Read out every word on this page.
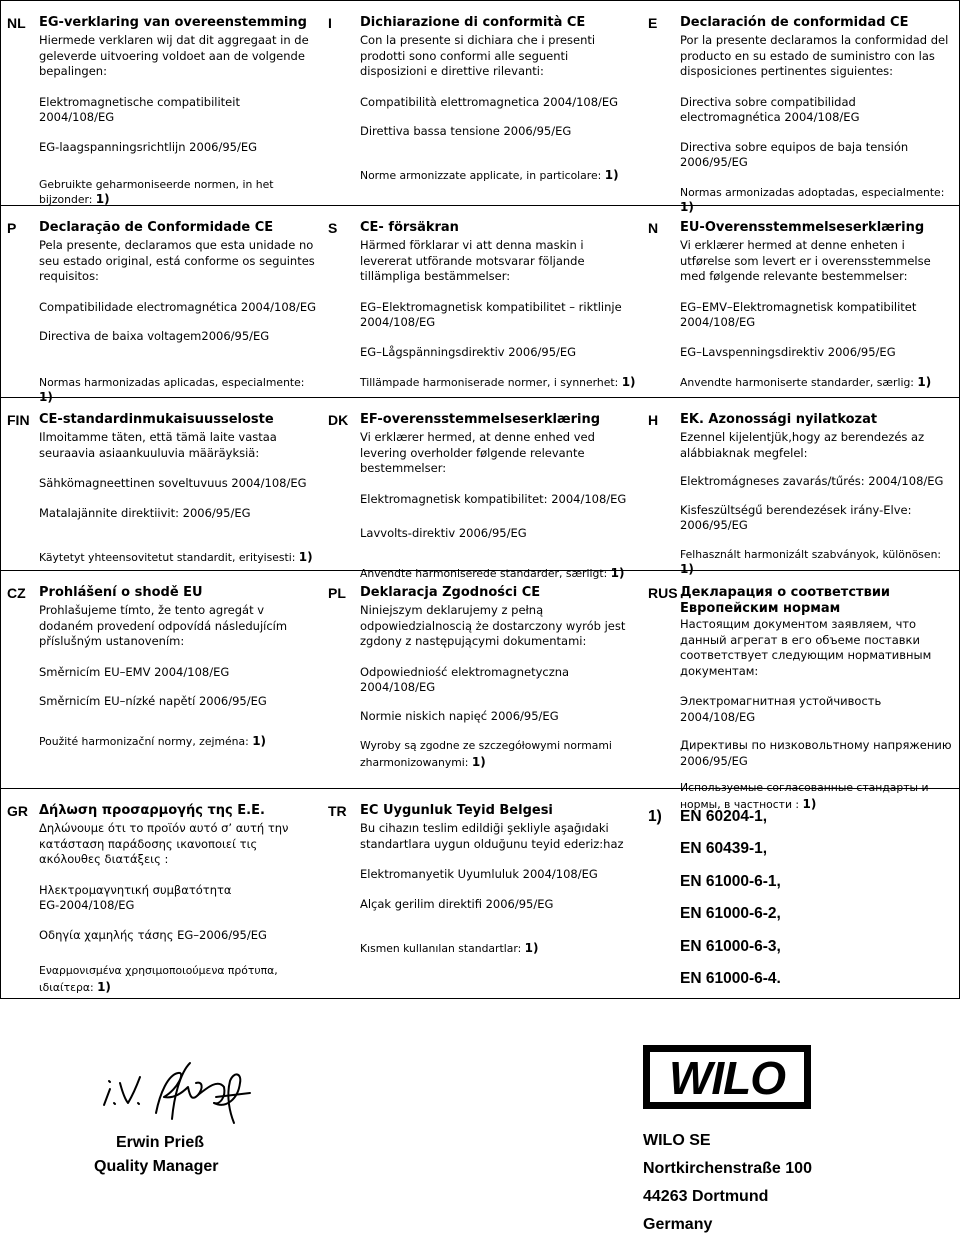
NL EG-verklaring van overeenstemming
Hiermede verklaren wij dat dit aggregaat in de geleverde uitvoering voldoet aan de volgende bepalingen:
Elektromagnetische compatibiliteit 2004/108/EG
EG-laagspanningsrichtlijn 2006/95/EG
Gebruikte geharmoniseerde normen, in het bijzonder: 1)
I Dichiarazione di conformità CE
Con la presente si dichiara che i presenti prodotti sono conformi alle seguenti disposizioni e direttive rilevanti:
Compatibilità elettromagnetica 2004/108/EG
Direttiva bassa tensione 2006/95/EG
Norme armonizzate applicate, in particolare: 1)
E Declaración de conformidad CE
Por la presente declaramos la conformidad del producto en su estado de suministro con las disposiciones pertinentes siguientes:
Directiva sobre compatibilidad electromagnética 2004/108/EG
Directiva sobre equipos de baja tensión 2006/95/EG
Normas armonizadas adoptadas, especialmente: 1)
P Declaração de Conformidade CE
Pela presente, declaramos que esta unidade no seu estado original, está conforme os seguintes requisitos:
Compatibilidade electromagnética 2004/108/EG
Directiva de baixa voltagem2006/95/EG
Normas harmonizadas aplicadas, especialmente: 1)
S CE- försäkran
Härmed förklarar vi att denna maskin i levererat utförande motsvarar följande tillämpliga bestämmelser:
EG–Elektromagnetisk kompatibilitet – riktlinje 2004/108/EG
EG–Lågspänningsdirektiv 2006/95/EG
Tillämpade harmoniserade normer, i synnerhet: 1)
N EU-Overensstemmelseserklæring
Vi erklærer hermed at denne enheten i utførelse som levert er i overensstemmelse med følgende relevante bestemmelser:
EG–EMV–Elektromagnetisk kompatibilitet 2004/108/EG
EG–Lavspenningsdirektiv 2006/95/EG
Anvendte harmoniserte standarder, særlig: 1)
FIN CE-standardinmukaisuusseloste
Ilmoitamme täten, että tämä laite vastaa seuraavia asiaankuuluvia määräyksiä:
Sähkömagneettinen soveltuvuus 2004/108/EG
Matalajännite direktiivit: 2006/95/EG
Käytetyt yhteensovitetut standardit, erityisesti: 1)
DK EF-overensstemmelseserklæring
Vi erklærer hermed, at denne enhed ved levering overholder følgende relevante bestemmelser:
Elektromagnetisk kompatibilitet: 2004/108/EG
Lavvolts-direktiv 2006/95/EG
Anvendte harmoniserede standarder, særligt: 1)
H EK. Azonossági nyilatkozat
Ezennel kijelentjük,hogy az berendezés az alábbiaknak megfelel:
Elektromágneses zavarás/tűrés: 2004/108/EG
Kisfeszültségű berendezések irány-Elve: 2006/95/EG
Felhasznált harmonizált szabványok, különösen: 1)
CZ Prohlášení o shodě EU
Prohlašujeme tímto, že tento agregát v dodaném provedení odpovídá následujícím příslušným ustanovením:
Směrnicím EU–EMV 2004/108/EG
Směrnicím EU–nízké napětí 2006/95/EG
Použité harmonizační normy, zejména: 1)
PL Deklaracja Zgodności CE
Niniejszym deklarujemy z pełną odpowiedzialnoscią że dostarczony wyrób jest zgdony z następującymi dokumentami:
Odpowiedniość elektromagnetyczna 2004/108/EG
Normie niskich napięć 2006/95/EG
Wyroby są zgodne ze szczegółowymi normami zharmonizowanymi: 1)
RUS Декларация о соответствии Европейским нормам
Настоящим документом заявляем, что данный агрегат в его объеме поставки соответствует следующим нормативным документам:
Электромагнитная устойчивость 2004/108/EG
Директивы по низковольтному напряжению 2006/95/EG
Используемые согласованные стандарты и нормы, в частности : 1)
GR Δήλωση προσαρμογής της Ε.Ε.
Δηλώνουμε ότι το προϊόν αυτό σ’ αυτή την κατάσταση παράδοσης ικανοποιεί τις ακόλουθες διατάξεις :
Ηλεκτρομαγνητική συμβατότητα EG-2004/108/EG
Οδηγία χαμηλής τάσης EG–2006/95/EG
Εναρμονισμένα χρησιμοποιούμενα πρότυπα, ιδιαίτερα: 1)
TR EC Uygunluk Teyid Belgesi
Bu cihazın teslim edildiği şekliyle aşağıdaki standartlara uygun olduğunu teyid ederiz:haz
Elektromanyetik Uyumluluk 2004/108/EG
Alçak gerilim direktifi 2006/95/EG
Kısmen kullanılan standartlar: 1)
1) EN 60204-1,
EN 60439-1,
EN 61000-6-1,
EN 61000-6-2,
EN 61000-6-3,
EN 61000-6-4.
Erwin Prieß
Quality Manager
WILO
WILO SE
Nortkirchenstraße 100
44263 Dortmund
Germany
